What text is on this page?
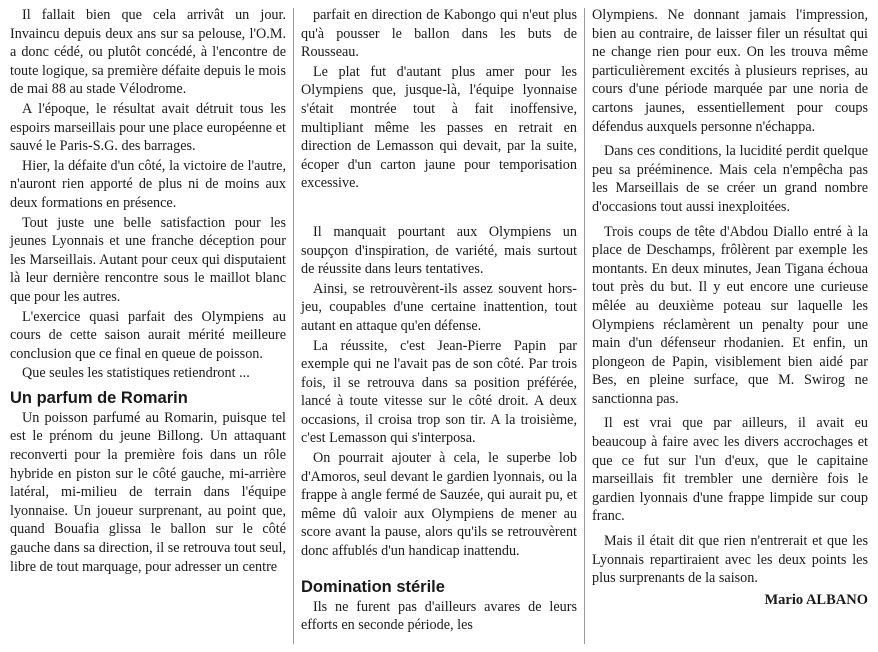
Il fallait bien que cela arrivât un jour. Invaincu depuis deux ans sur sa pelouse, l'O.M. a donc cédé, ou plutôt concédé, à l'encontre de toute logique, sa première défaite depuis le mois de mai 88 au stade Vélodrome.

A l'époque, le résultat avait détruit tous les espoirs marseillais pour une place européenne et sauvé le Paris-S.G. des barrages.

Hier, la défaite d'un côté, la victoire de l'autre, n'auront rien apporté de plus ni de moins aux deux formations en présence.

Tout juste une belle satisfaction pour les jeunes Lyonnais et une franche déception pour les Marseillais. Autant pour ceux qui disputaient là leur dernière rencontre sous le maillot blanc que pour les autres.

L'exercice quasi parfait des Olympiens au cours de cette saison aurait mérité meilleure conclusion que ce final en queue de poisson.

Que seules les statistiques retiendront ...

Un parfum de Romarin

Un poisson parfumé au Romarin, puisque tel est le prénom du jeune Billong. Un attaquant reconverti pour la première fois dans un rôle hybride en piston sur le côté gauche, mi-arrière latéral, mi-milieu de terrain dans l'équipe lyonnaise. Un joueur surprenant, au point que, quand Bouafia glissa le ballon sur le côté gauche dans sa direction, il se retrouva tout seul, libre de tout marquage, pour adresser un centre

parfait en direction de Kabongo qui n'eut plus qu'à pousser le ballon dans les buts de Rousseau.

Le plat fut d'autant plus amer pour les Olympiens que, jusque-là, l'équipe lyonnaise s'était montrée tout à fait inoffensive, multipliant même les passes en retrait en direction de Lemasson qui devait, par la suite, écoper d'un carton jaune pour temporisation excessive.

Il manquait pourtant aux Olympiens un soupçon d'inspiration, de variété, mais surtout de réussite dans leurs tentatives.

Ainsi, se retrouvèrent-ils assez souvent hors-jeu, coupables d'une certaine inattention, tout autant en attaque qu'en défense.

La réussite, c'est Jean-Pierre Papin par exemple qui ne l'avait pas de son côté. Par trois fois, il se retrouva dans sa position préférée, lancé à toute vitesse sur le côté droit. A deux occasions, il croisa trop son tir. A la troisième, c'est Lemasson qui s'interposa.

On pourrait ajouter à cela, le superbe lob d'Amoros, seul devant le gardien lyonnais, ou la frappe à angle fermé de Sauzée, qui aurait pu, et même dû valoir aux Olympiens de mener au score avant la pause, alors qu'ils se retrouvèrent donc affublés d'un handicap inattendu.

Domination stérile

Ils ne furent pas d'ailleurs avares de leurs efforts en seconde période, les

Olympiens. Ne donnant jamais l'impression, bien au contraire, de laisser filer un résultat qui ne change rien pour eux. On les trouva même particulièrement excités à plusieurs reprises, au cours d'une période marquée par une noria de cartons jaunes, essentiellement pour coups défendus auxquels personne n'échappa.

Dans ces conditions, la lucidité perdit quelque peu sa prééminence. Mais cela n'empêcha pas les Marseillais de se créer un grand nombre d'occasions tout aussi inexploitées.

Trois coups de tête d'Abdou Diallo entré à la place de Deschamps, frôlèrent par exemple les montants. En deux minutes, Jean Tigana échoua tout près du but. Il y eut encore une curieuse mêlée au deuxième poteau sur laquelle les Olympiens réclamèrent un penalty pour une main d'un défenseur rhodanien. Et enfin, un plongeon de Papin, visiblement bien aidé par Bes, en pleine surface, que M. Swirog ne sanctionna pas.

Il est vrai que par ailleurs, il avait eu beaucoup à faire avec les divers accrochages et que ce fut sur l'un d'eux, que le capitaine marseillais fit trembler une dernière fois le gardien lyonnais d'une frappe limpide sur coup franc.

Mais il était dit que rien n'entrerait et que les Lyonnais repartiraient avec les deux points les plus surprenants de la saison.

Mario ALBANO
